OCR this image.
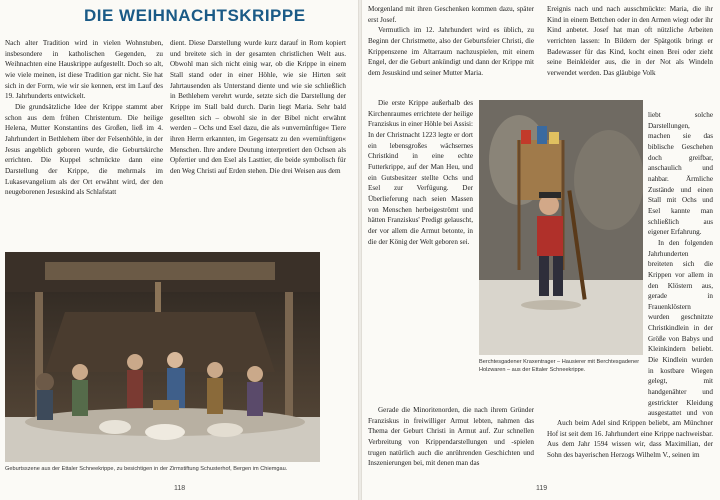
DIE WEIHNACHTSKRIPPE

Nach alter Tradition wird in vielen Wohnstuben, insbesondere in katholischen Gegenden, zu Weihnachten eine Hauskrippe aufgestellt. Doch so alt, wie viele meinen, ist diese Tradition gar nicht. Sie hat sich in der Form, wie wir sie kennen, erst im Lauf des 19. Jahrhunderts entwickelt.

Die grundsätzliche Idee der Krippe stammt aber schon aus dem frühen Christentum. Die heilige Helena, Mutter Konstantins des Großen, ließ im 4. Jahrhundert in Bethlehem über der Felsenhöhle, in der Jesus angeblich geboren wurde, die Geburtskirche errichten. Die Kuppel schmückte dann eine Darstellung der Krippe, die mehrmals im Lukasevangelium als der Ort erwähnt wird, der den neugeborenen Jesuskind als Schlafstatt

dient. Diese Darstellung wurde kurz darauf in Rom kopiert und breitete sich in der gesamten christlichen Welt aus. Obwohl man sich nicht einig war, ob die Krippe in einem Stall stand oder in einer Höhle, wie sie Hirten seit Jahrtausenden als Unterstand diente und wie sie schließlich in Bethlehem verehrt wurde, setzte sich die Darstellung der Krippe im Stall bald durch. Darin liegt Maria. Sehr bald gesellten sich – obwohl sie in der Bibel nicht erwähnt werden – Ochs und Esel dazu, die als »unvernünftige« Tiere ihren Herrn erkannten, im Gegensatz zu den »vernünftigen« Menschen. Ihre andere Deutung interpretiert den Ochsen als Opfertier und den Esel als Lasttier, die beide symbolisch für den Weg Christi auf Erden stehen. Die drei Weisen aus dem

Geburtsszene aus der Ettaler Schneekrippe, zu besichtigen in der Zirmstiftung Schusterhof, Bergen im Chiemgau.
118

Morgenland mit ihren Geschenken kommen dazu, später erst Josef.

Vermutlich im 12. Jahrhundert wird es üblich, zu Beginn der Christmette, also der Geburtsfeier Christi, die Krippenszene im Altarraum nachzuspielen, mit einem Engel, der die Geburt ankündigt und dann der Krippe mit dem Jesuskind und seiner Mutter Maria.

Die erste Krippe außerhalb des Kirchenraumes errichtete der heilige Franziskus in einer Höhle bei Assisi: In der Christnacht 1223 legte er dort ein lebensgroßes wächsernes Christkind in eine echte Futterkrippe, auf der Man Heu, und ein Gutsbesitzer stellte Ochs und Esel zur Verfügung. Der Überlieferung nach seien Massen von Menschen herbeigeströmt und hätten Franziskus' Predigt gelauscht, der vor allem die Armut betonte, in die der König der Welt geboren sei.

Gerade die Minoritenorden, die nach ihrem Gründer Franziskus in freiwilliger Armut lebten, nahmen das Thema der Geburt Christi in Armut auf. Zur schnellen Verbreitung von Krippendarstellungen und -spielen trugen natürlich auch die anrührenden Geschichten und Inszenierungen bei, mit denen man das

Ereignis nach und nach ausschmückte: Maria, die ihr Kind in einem Bettchen oder in den Armen wiegt oder ihr Kind anbetet. Josef hat man oft nützliche Arbeiten verrichten lassen: In Bildern der Spätgotik bringt er Badewasser für das Kind, kocht einen Brei oder zieht seine Beinkleider aus, die in der Not als Windeln verwendet werden. Das gläubige Volk

liebt solche Darstellungen, machen sie das biblische Geschehen doch greifbar, anschaulich und nahbar. Ärmliche Zustände und einen Stall mit Ochs und Esel kannte man schließlich aus eigener Erfahrung.

In den folgenden Jahrhunderten breiteten sich die Krippen vor allem in den Klöstern aus, gerade in Frauenklöstern wurden geschnitzte Christkindlein in der Größe von Babys und Kleinkindern beliebt. Die Kindlein wurden in kostbare Wiegen gelegt, mit handgenähter und gestrickter Kleidung ausgestattet und von

Auch beim Adel sind Krippen beliebt, am Münchner Hof ist seit dem 16. Jahrhundert eine Krippe nachweisbar. Aus dem Jahr 1594 wissen wir, dass Maximilian, der Sohn des bayerischen Herzogs Wilhelm V., seinen im

Berchtesgadener Kraxentrager – Hausierer mit Berchtesgadener Holzwaren – aus der Ettaler Schneekrippe.
119
